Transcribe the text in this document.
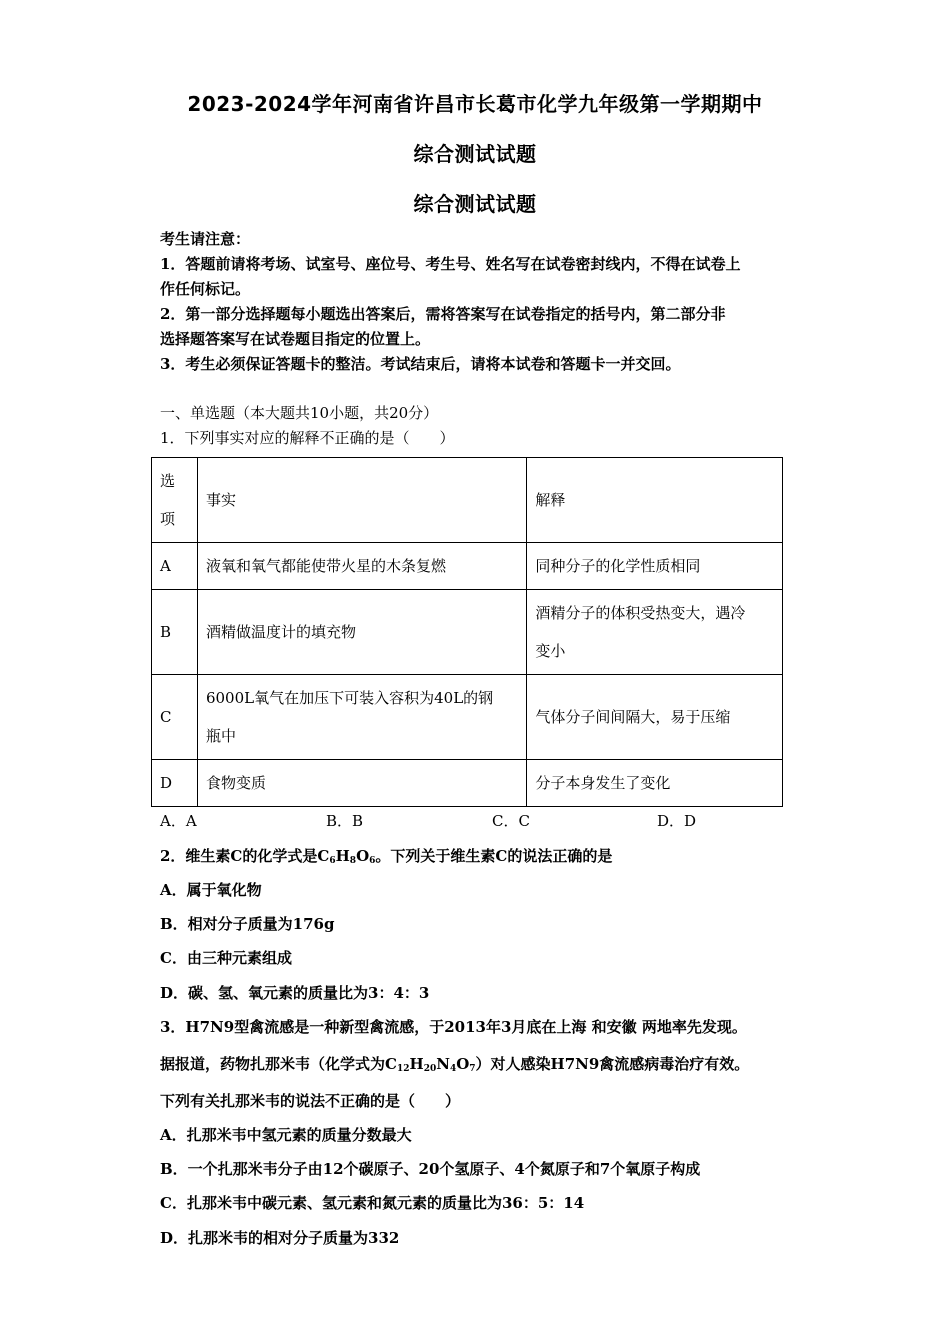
2023-2024学年河南省许昌市长葛市化学九年级第一学期期中
综合测试试题
综合测试试题
考生请注意：
1．答题前请将考场、试室号、座位号、考生号、姓名写在试卷密封线内，不得在试卷上
作任何标记。
2．第一部分选择题每小题选出答案后，需将答案写在试卷指定的括号内，第二部分非
选择题答案写在试卷题目指定的位置上。
3．考生必须保证答题卡的整洁。考试结束后，请将本试卷和答题卡一并交回。
一、单选题（本大题共10小题，共20分）
1．下列事实对应的解释不正确的是（　　）
选
项	事实	解释
A	液氧和氧气都能使带火星的木条复燃	同种分子的化学性质相同
B	酒精做温度计的填充物	酒精分子的体积受热变大，遇冷
变小

C	6000L氧气在加压下可装入容积为40L的钢
瓶中	气体分子间间隔大，易于压缩
D	食物变质	分子本身发生了变化
A．A	B．B	C．C	D．D
2．维生素C的化学式是$C_6H_8O_6$。下列关于维生素C的说法正确的是
A．属于氧化物
B．相对分子质量为176g
C．由三种元素组成
D．碳、氢、氧元素的质量比为3：4：3
3．H7N9型禽流感是一种新型禽流感，于2013年3月底在上海 和安徽 两地率先发现。
据报道，药物扎那米韦（化学式为$C_{12}H_{20}N_4O_7$）对人感染H7N9禽流感病毒治疗有效。
下列有关扎那米韦的说法不正确的是（　　）
A．扎那米韦中氢元素的质量分数最大
B．一个扎那米韦分子由12个碳原子、20个氢原子、4个氮原子和7个氧原子构成
C．扎那米韦中碳元素、氢元素和氮元素的质量比为36：5：14
D．扎那米韦的相对分子质量为332
